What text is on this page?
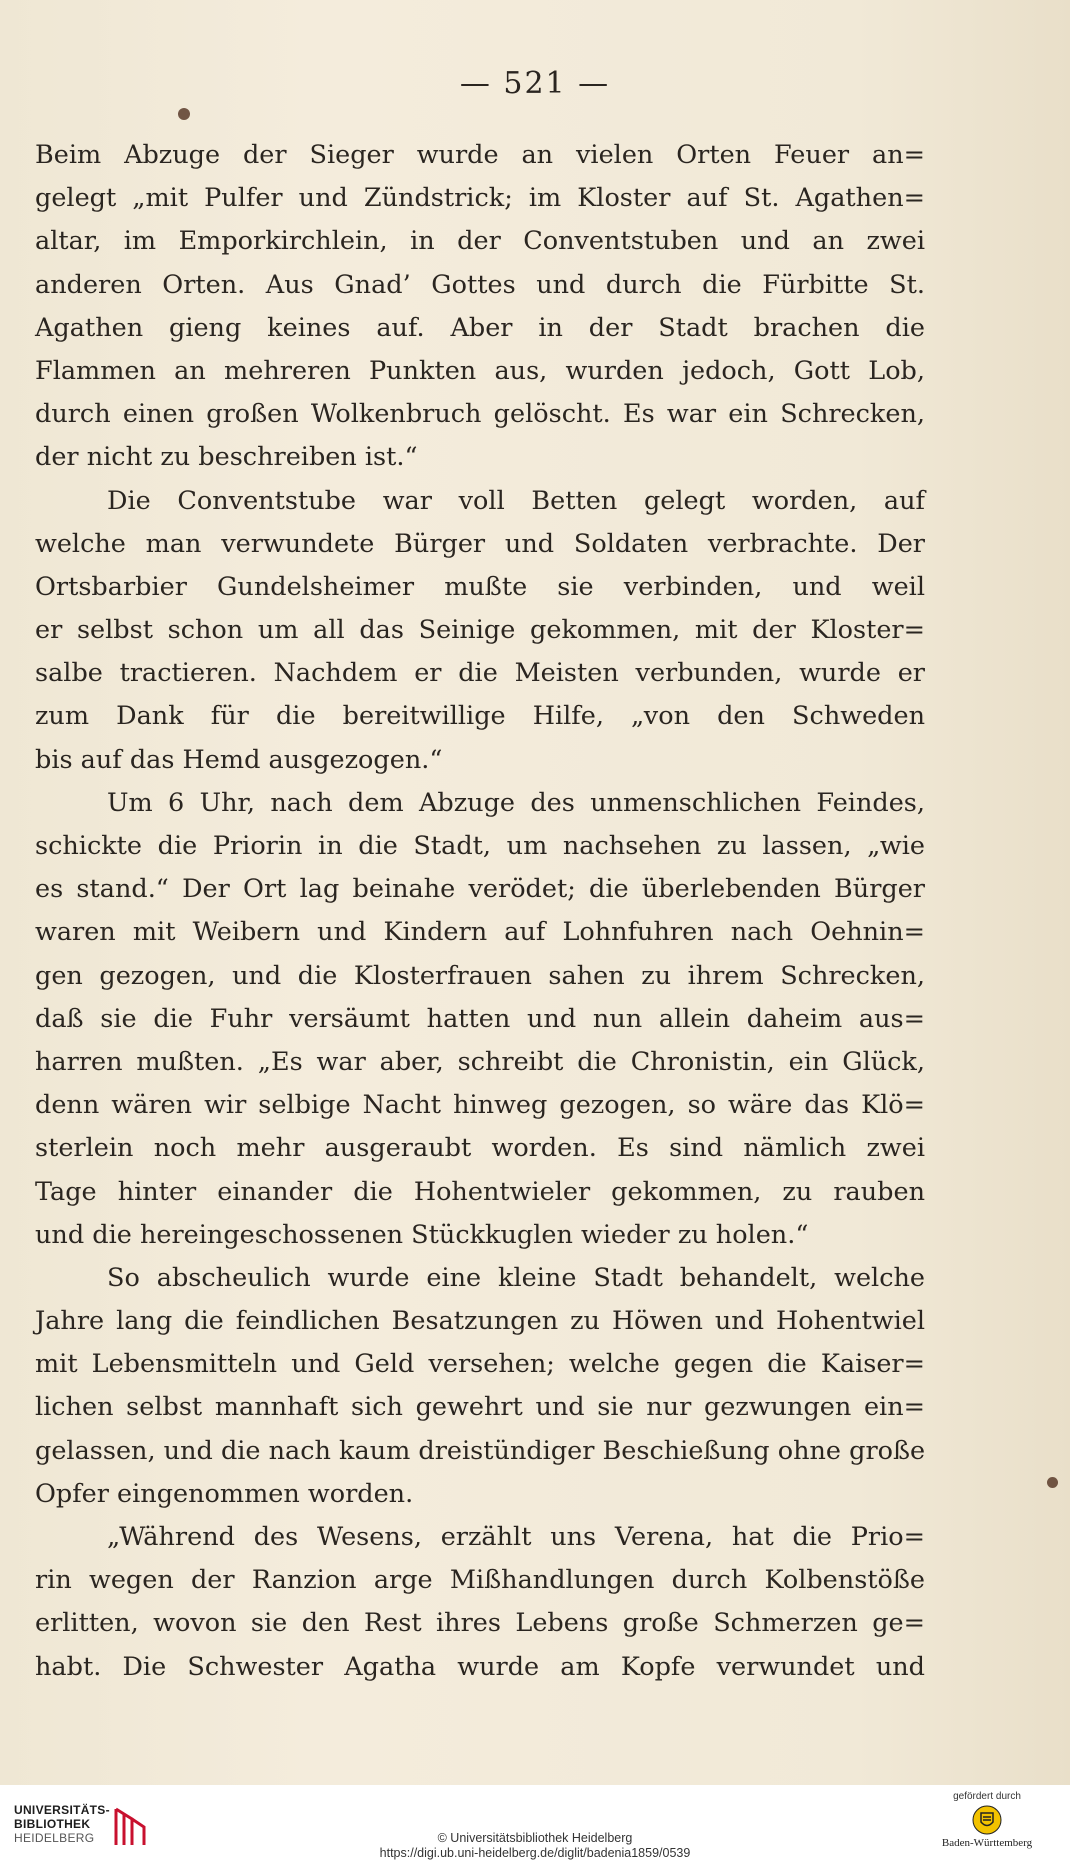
— 521 —
Beim Abzuge der Sieger wurde an vielen Orten Feuer an=
gelegt „mit Pulfer und Zündstrick; im Kloster auf St. Agathen=
altar, im Emporkirchlein, in der Conventstuben und an zwei
anderen Orten. Aus Gnad’ Gottes und durch die Fürbitte St.
Agathen gieng keines auf. Aber in der Stadt brachen die
Flammen an mehreren Punkten aus, wurden jedoch, Gott Lob,
durch einen großen Wolkenbruch gelöscht. Es war ein Schrecken,
der nicht zu beschreiben ist.“
Die Conventstube war voll Betten gelegt worden, auf
welche man verwundete Bürger und Soldaten verbrachte. Der
Ortsbarbier Gundelsheimer mußte sie verbinden, und weil
er selbst schon um all das Seinige gekommen, mit der Kloster=
salbe tractieren. Nachdem er die Meisten verbunden, wurde er
zum Dank für die bereitwillige Hilfe, „von den Schweden
bis auf das Hemd ausgezogen.“
Um 6 Uhr, nach dem Abzuge des unmenschlichen Feindes,
schickte die Priorin in die Stadt, um nachsehen zu lassen, „wie
es stand.“ Der Ort lag beinahe verödet; die überlebenden Bürger
waren mit Weibern und Kindern auf Lohnfuhren nach Oehnin=
gen gezogen, und die Klosterfrauen sahen zu ihrem Schrecken,
daß sie die Fuhr versäumt hatten und nun allein daheim aus=
harren mußten. „Es war aber, schreibt die Chronistin, ein Glück,
denn wären wir selbige Nacht hinweg gezogen, so wäre das Klö=
sterlein noch mehr ausgeraubt worden. Es sind nämlich zwei
Tage hinter einander die Hohentwieler gekommen, zu rauben
und die hereingeschossenen Stückkuglen wieder zu holen.“
So abscheulich wurde eine kleine Stadt behandelt, welche
Jahre lang die feindlichen Besatzungen zu Höwen und Hohentwiel
mit Lebensmitteln und Geld versehen; welche gegen die Kaiser=
lichen selbst mannhaft sich gewehrt und sie nur gezwungen ein=
gelassen, und die nach kaum dreistündiger Beschießung ohne große
Opfer eingenommen worden.
„Während des Wesens, erzählt uns Verena, hat die Prio=
rin wegen der Ranzion arge Mißhandlungen durch Kolbenstöße
erlitten, wovon sie den Rest ihres Lebens große Schmerzen ge=
habt. Die Schwester Agatha wurde am Kopfe verwundet und
UNIVERSITÄTS-
BIBLIOTHEK
HEIDELBERG	© Universitätsbibliothek Heidelberg
https://digi.ub.uni-heidelberg.de/diglit/badenia1859/0539
gefördert durch
Baden-Württemberg
